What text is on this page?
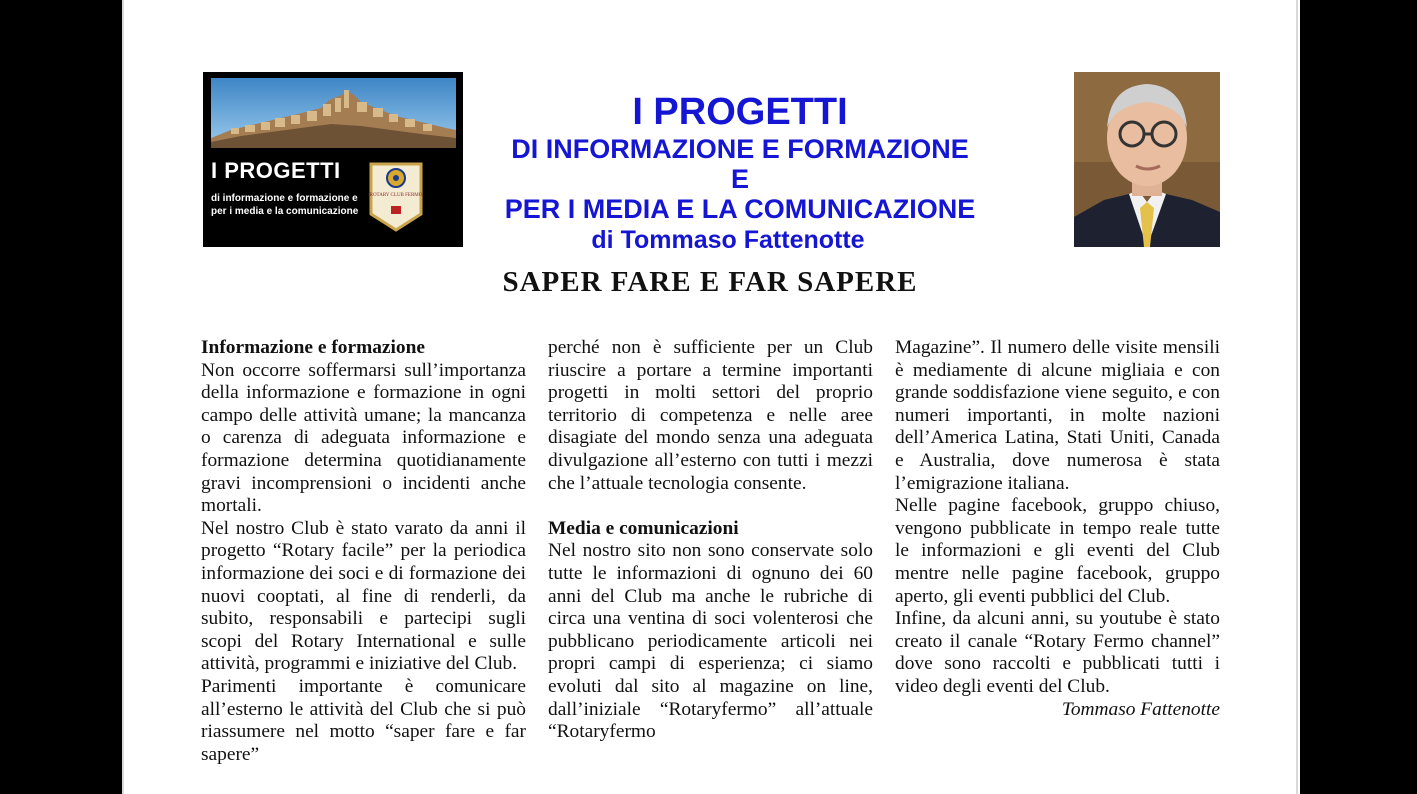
I PROGETTI
di informazione e formazione e
per i media e la comunicazione
ROTARY CLUB FERMO
I PROGETTI
DI INFORMAZIONE E FORMAZIONE E
PER I MEDIA E LA COMUNICAZIONE
di Tommaso Fattenotte
SAPER FARE E FAR SAPERE

Informazione e formazione

Non occorre soffermarsi sull’importanza della informazione e formazione in ogni campo delle attività umane; la mancanza o carenza di adeguata informazione e formazione determina quotidianamente gravi incomprensioni o incidenti anche mortali.

Nel nostro Club è stato varato da anni il progetto “Rotary facile” per la periodica informazione dei soci e di formazione dei nuovi cooptati, al fine di renderli, da subito, responsabili e partecipi sugli scopi del Rotary International e sulle attività, programmi e iniziative del Club.

Parimenti importante è comunicare all’esterno le attività del Club che si può riassumere nel motto “saper fare e far sapere”

perché non è sufficiente per un Club riuscire a portare a termine importanti progetti in molti settori del proprio territorio di competenza e nelle aree disagiate del mondo senza una adeguata divulgazione all’esterno con tutti i mezzi che l’attuale tecnologia consente.

Media e comunicazioni

Nel nostro sito non sono conservate solo tutte le informazioni di ognuno dei 60 anni del Club ma anche le rubriche di circa una ventina di soci volenterosi che pubblicano periodicamente articoli nei propri campi di esperienza; ci siamo evoluti dal sito al magazine on line, dall’iniziale “Rotaryfermo” all’attuale “Rotaryfermo

Magazine”. Il numero delle visite mensili è mediamente di alcune migliaia e con grande soddisfazione viene seguito, e con numeri importanti, in molte nazioni dell’America Latina, Stati Uniti, Canada e Australia, dove numerosa è stata l’emigrazione italiana.

Nelle pagine facebook, gruppo chiuso, vengono pubblicate in tempo reale tutte le informazioni e gli eventi del Club mentre nelle pagine facebook, gruppo aperto, gli eventi pubblici del Club.

Infine, da alcuni anni, su youtube è stato creato il canale “Rotary Fermo channel” dove sono raccolti e pubblicati tutti i video degli eventi del Club.

Tommaso Fattenotte
